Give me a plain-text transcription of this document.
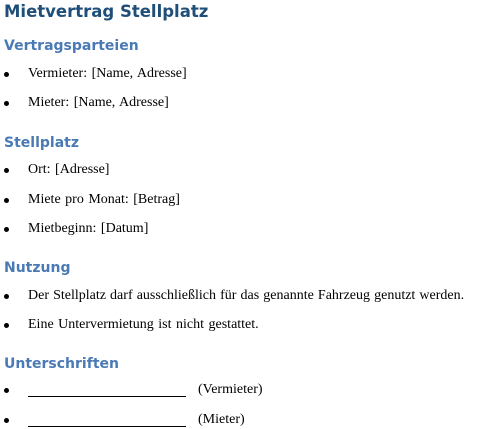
Mietvertrag Stellplatz
Vertragsparteien
Vermieter: [Name, Adresse]
Mieter: [Name, Adresse]
Stellplatz
Ort: [Adresse]
Miete pro Monat: [Betrag]
Mietbeginn: [Datum]
Nutzung
Der Stellplatz darf ausschließlich für das genannte Fahrzeug genutzt werden.
Eine Untervermietung ist nicht gestattet.
Unterschriften
(Vermieter)
(Mieter)
